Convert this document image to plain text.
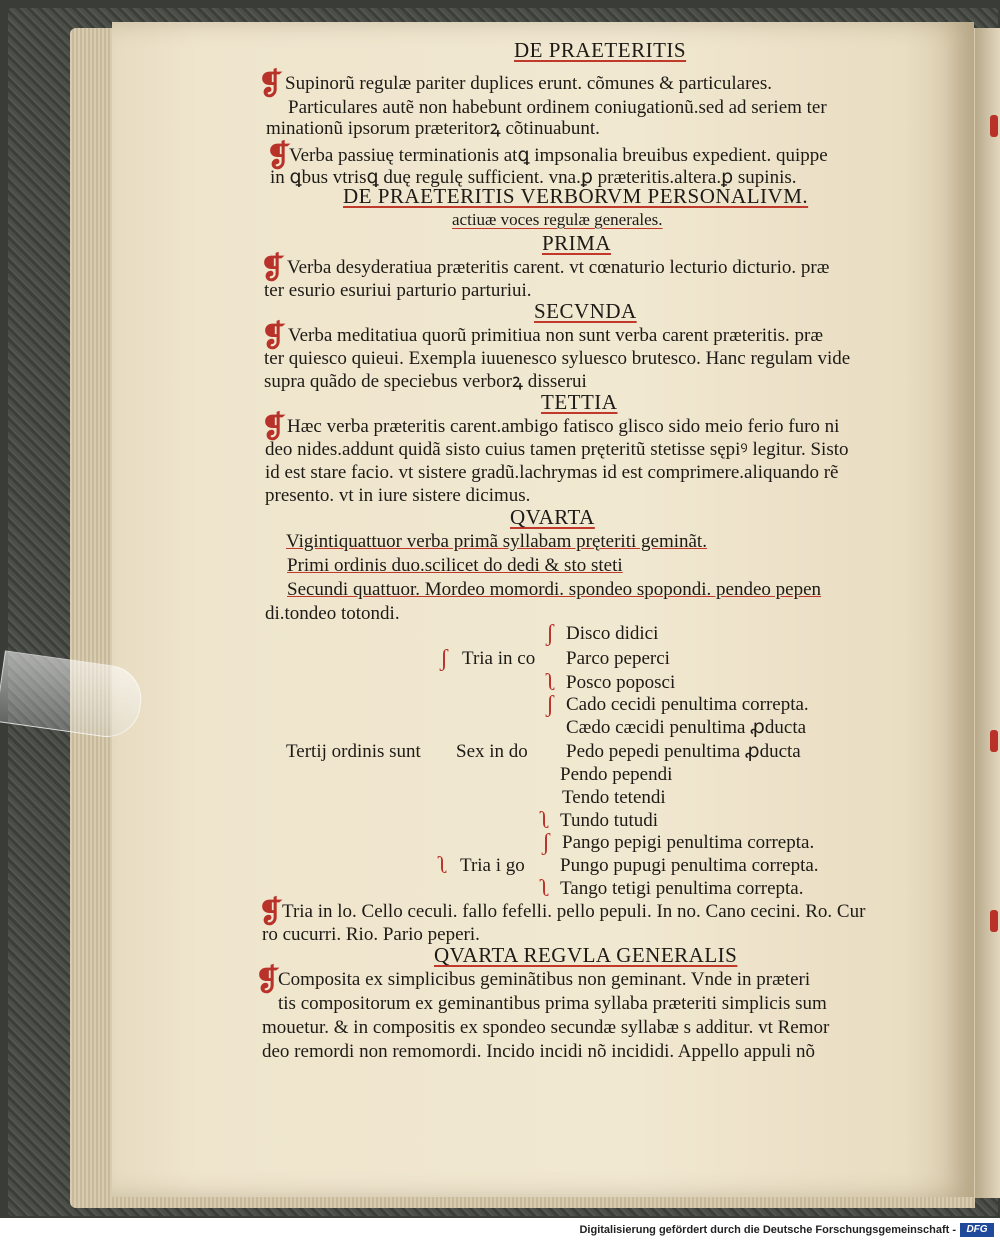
DE PRAETERITIS
❡ Supinorũ regulæ pariter duplices erunt. cõmunes & particulares.
Particulares autẽ non habebunt ordinem coniugationũ.sed ad seriem ter
minationũ ipsorum præteritorꝝ cõtinuabunt.
❡
Verba passiuę terminationis atꝗ impsonalia breuibus expedient. quippe
in ꝗbus vtrisꝗ duę regulę sufficient. vna.ꝑ præteritis.altera.ꝑ supinis.
DE PRAETERITIS VERBORVM PERSONALIVM.
actiuæ voces regulæ generales.
PRIMA
❡ Verba desyderatiua præteritis carent. vt cœnaturio lecturio dicturio. præ
ter esurio esuriui parturio parturiui.
SECVNDA
❡ Verba meditatiua quorũ primitiua non sunt verba carent præteritis. præ
ter quiesco quieui. Exempla iuuenesco syluesco brutesco. Hanc regulam vide
supra quãdo de speciebus verborꝝ disserui
TETTIA
❡ Hæc verba præteritis carent.ambigo fatisco glisco sido meio ferio furo ni
deo nides.addunt quidã sisto cuius tamen pręteritũ stetisse sępiꝰ legitur. Sisto
id est stare facio. vt sistere gradũ.lachrymas id est comprimere.aliquando rẽ
presento. vt in iure sistere dicimus.
QVARTA
Vigintiquattuor verba primã syllabam pręteriti geminãt.
Primi ordinis duo.scilicet do dedi & sto steti
Secundi quattuor. Mordeo momordi. spondeo spopondi. pendeo pepen
di.tondeo totondi.
ʃ Disco didici
ʃ Tria in co Parco peperci
ʅ Posco poposci
ʃ Cado cecidi penultima correpta.
Cædo cæcidi penultima ꝓducta
Tertij ordinis sunt Sex in do Pedo pepedi penultima ꝓducta
Pendo pependi
Tendo tetendi
ʅ Tundo tutudi
ʃ Pango pepigi penultima correpta.
ʅ Tria i go Pungo pupugi penultima correpta.
ʅ Tango tetigi penultima correpta.
❡
Tria in lo. Cello ceculi. fallo fefelli. pello pepuli. In no. Cano cecini. Ro. Cur
ro cucurri. Rio. Pario peperi.
QVARTA REGVLA GENERALIS
❡
Composita ex simplicibus geminãtibus non geminant. Vnde in præteri
tis compositorum ex geminantibus prima syllaba præteriti simplicis sum
mouetur. & in compositis ex spondeo secundæ syllabæ s additur. vt Remor
deo remordi non remomordi. Incido incidi nõ incididi. Appello appuli nõ
Digitalisierung gefördert durch die Deutsche Forschungsgemeinschaft -	DFG
